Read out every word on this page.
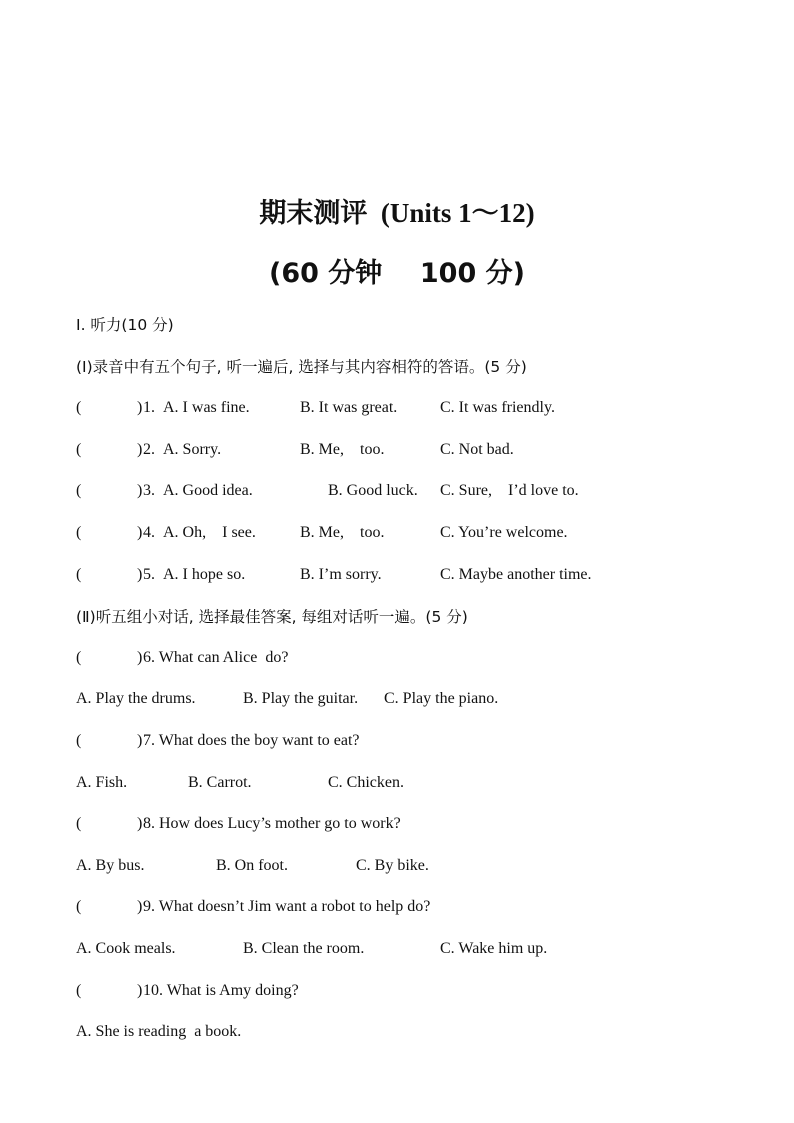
期末测评  (Units 1～12)
(60 分钟    100 分)
Ⅰ. 听力(10 分)
(Ⅰ)录音中有五个句子, 听一遍后, 选择与其内容相符的答语。(5 分)

(

	)

1.

A. I was fine.

	B. It was great.

	C. It was friendly.

(

	)

2.

A. Sorry.

	B. Me,    too.

	C. Not bad.

(

	)

3.

A. Good idea.

	B. Good luck.

C. Sure,    I’d love to.

(

	)

4.

A. Oh,    I see.

	B. Me,    too.

	C. You’re welcome.

(

	)

5.

A. I hope so.

	B. I’m sorry.

	C. Maybe another time.

(Ⅱ)听五组小对话, 选择最佳答案, 每组对话听一遍。(5 分)

(

	)

6. What can Alice  do?

A. Play the drums.

	B. Play the guitar.

C. Play the piano.

(

	)

7. What does the boy want to eat?

A. Fish.

	B. Carrot.

	C. Chicken.

(

	)

8. How does Lucy’s mother go to work?

A. By bus.

	B. On foot.

	C. By bike.

(

	)

9. What doesn’t Jim want a robot to help do?

A. Cook meals.

	B. Clean the room.

	C. Wake him up.

(

	)

10. What is Amy doing?

A. She is reading  a book.
